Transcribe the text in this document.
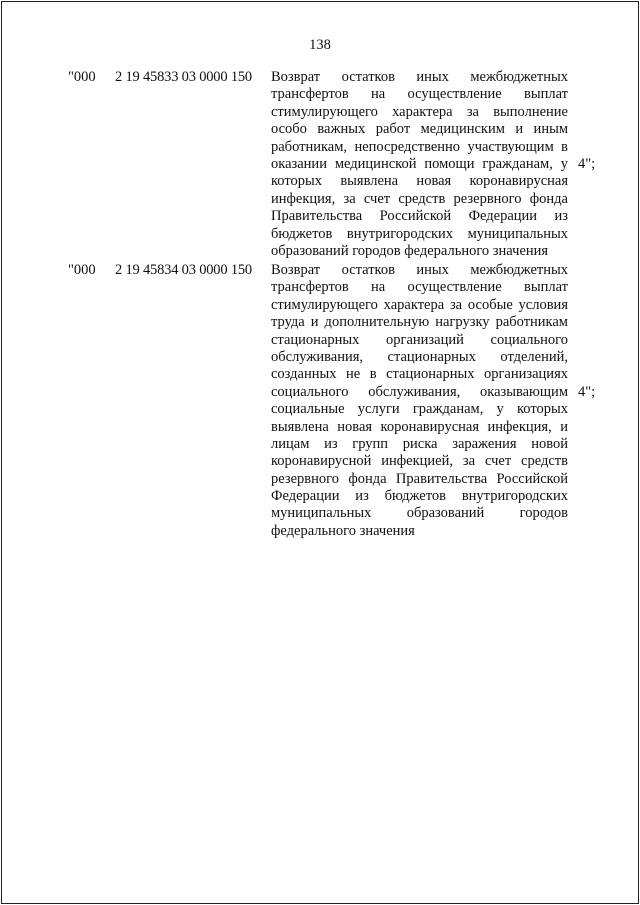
138
"000 2 19 45833 03 0000 150 Возврат остатков иных межбюджетных
трансфертов на осуществление выплат
стимулирующего характера за выполнение
особо важных работ медицинским и иным
работникам, непосредственно участвующим в
оказании медицинской помощи гражданам, у
которых выявлена новая коронавирусная
инфекция, за счет средств резервного фонда
Правительства Российской Федерации из
бюджетов внутригородских муниципальных
образований городов федерального значения
4";
"000 2 19 45834 03 0000 150 Возврат остатков иных межбюджетных
трансфертов на осуществление выплат
стимулирующего характера за особые условия
труда и дополнительную нагрузку работникам
стационарных организаций социального
обслуживания, стационарных отделений,
созданных не в стационарных организациях
социального обслуживания, оказывающим
социальные услуги гражданам, у которых
выявлена новая коронавирусная инфекция, и
лицам из групп риска заражения новой
коронавирусной инфекцией, за счет средств
резервного фонда Правительства Российской
Федерации из бюджетов внутригородских
муниципальных образований городов
федерального значения
4";
